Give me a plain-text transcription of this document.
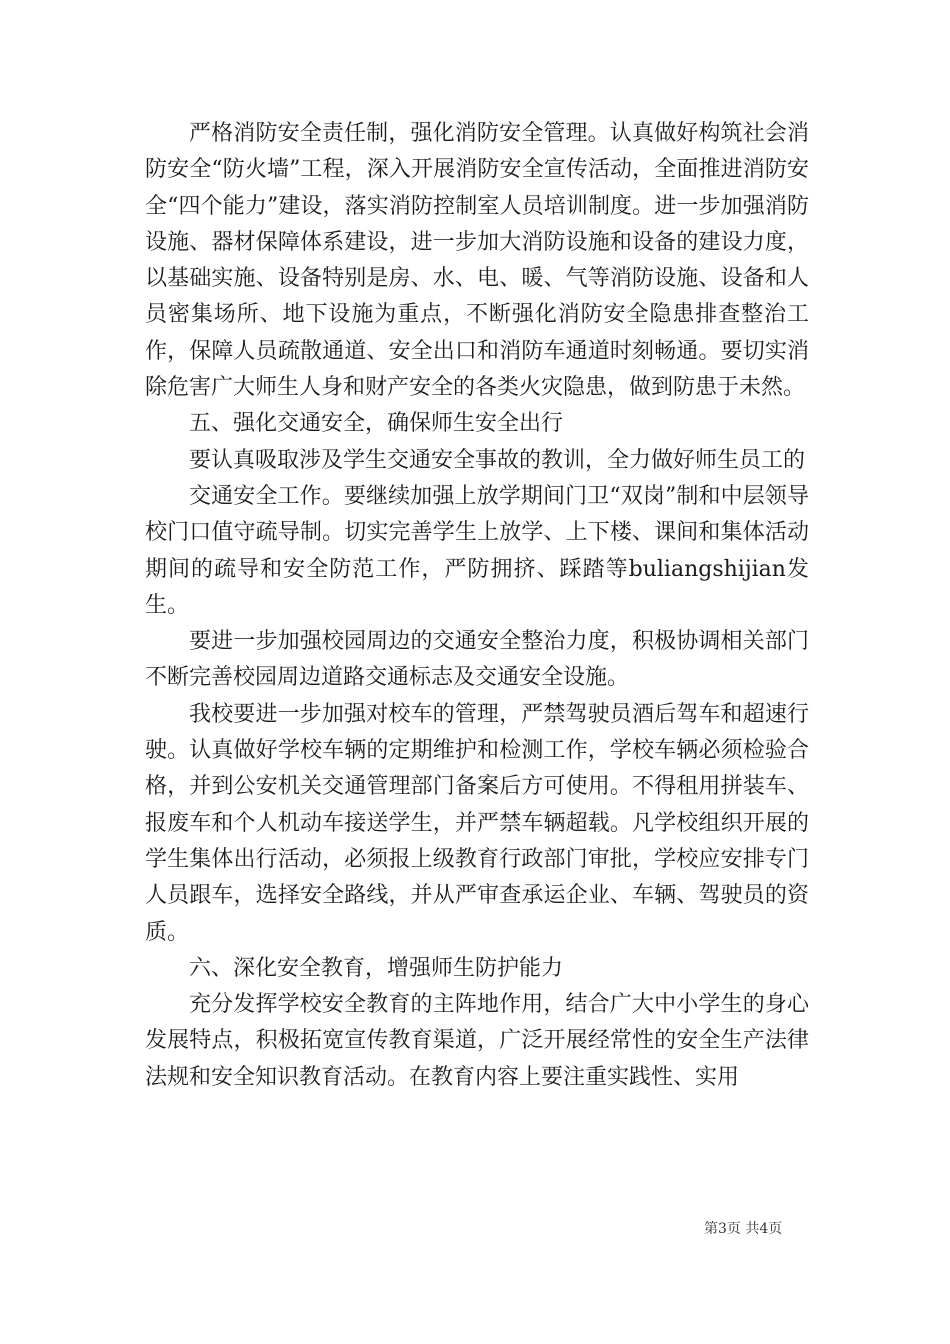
严格消防安全责任制，强化消防安全管理。认真做好构筑社会消防安全“防火墙”工程，深入开展消防安全宣传活动，全面推进消防安全“四个能力”建设，落实消防控制室人员培训制度。进一步加强消防设施、器材保障体系建设，进一步加大消防设施和设备的建设力度，以基础实施、设备特别是房、水、电、暖、气等消防设施、设备和人员密集场所、地下设施为重点，不断强化消防安全隐患排查整治工作，保障人员疏散通道、安全出口和消防车通道时刻畅通。要切实消除危害广大师生人身和财产安全的各类火灾隐患，做到防患于未然。

五、强化交通安全，确保师生安全出行

要认真吸取涉及学生交通安全事故的教训，全力做好师生员工的

交通安全工作。要继续加强上放学期间门卫“双岗”制和中层领导校门口值守疏导制。切实完善学生上放学、上下楼、课间和集体活动期间的疏导和安全防范工作，严防拥挤、踩踏等buliangshijian发生。

要进一步加强校园周边的交通安全整治力度，积极协调相关部门不断完善校园周边道路交通标志及交通安全设施。

我校要进一步加强对校车的管理，严禁驾驶员酒后驾车和超速行驶。认真做好学校车辆的定期维护和检测工作，学校车辆必须检验合格，并到公安机关交通管理部门备案后方可使用。不得租用拼装车、报废车和个人机动车接送学生，并严禁车辆超载。凡学校组织开展的学生集体出行活动，必须报上级教育行政部门审批，学校应安排专门人员跟车，选择安全路线，并从严审查承运企业、车辆、驾驶员的资质。

六、深化安全教育，增强师生防护能力

充分发挥学校安全教育的主阵地作用，结合广大中小学生的身心发展特点，积极拓宽宣传教育渠道，广泛开展经常性的安全生产法律法规和安全知识教育活动。在教育内容上要注重实践性、实用

第3页 共4页
